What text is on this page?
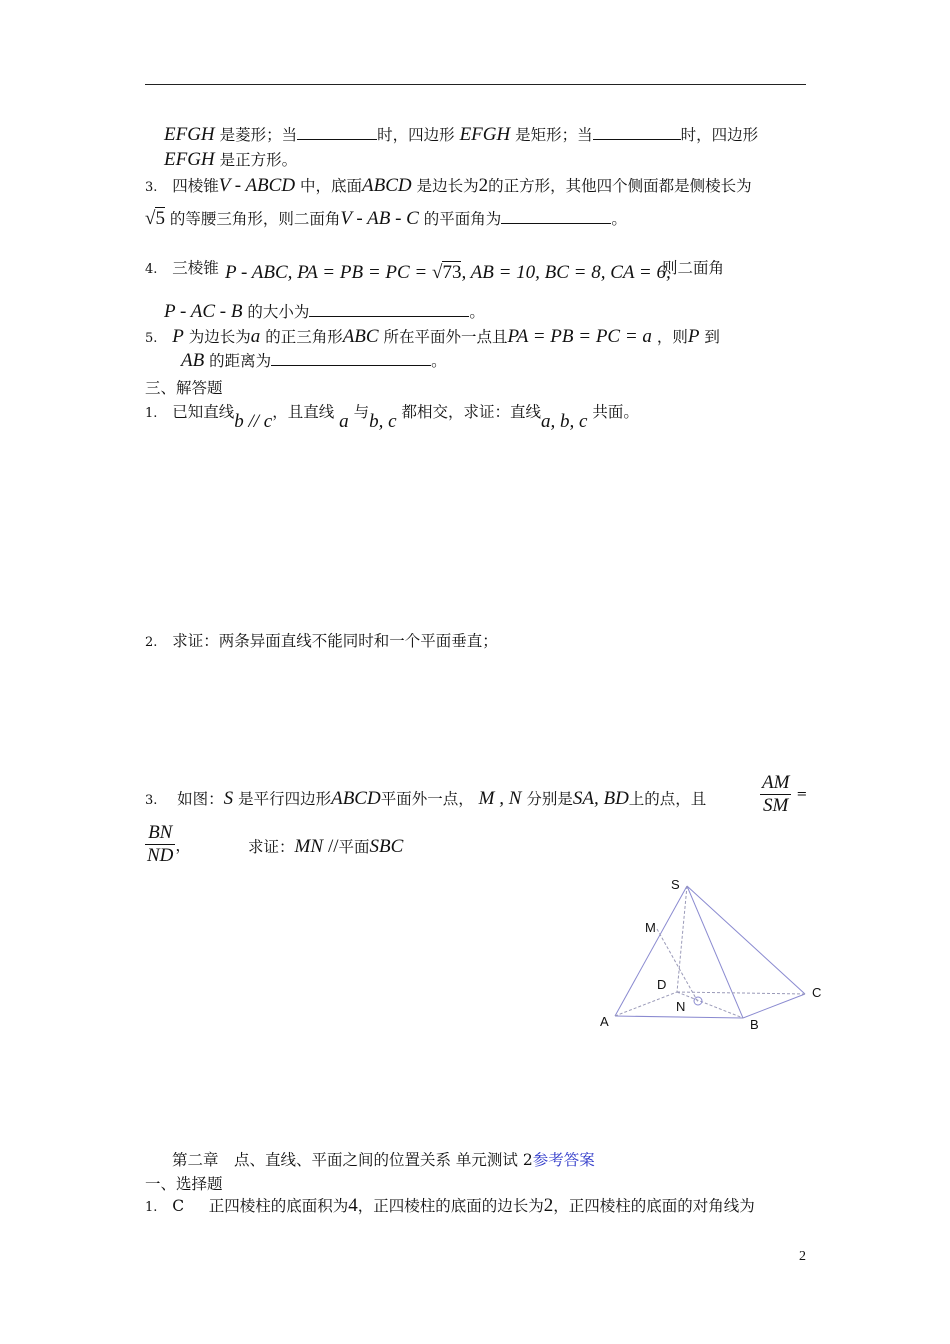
EFGH 是菱形；当	时，四边形 EFGH 是矩形；当	时，四边形
EFGH 是正方形。
3. 四棱锥V - ABCD 中，底面ABCD 是边长为2的正方形，其他四个侧面都是侧棱长为
√5 的等腰三角形，则二面角V - AB - C 的平面角为	。
4. 三棱锥 P - ABC, PA = PB = PC = √73, AB = 10, BC = 8, CA = 6,
则二面角
P - AC - B 的大小为	。
5. P 为边长为a 的正三角形ABC 所在平面外一点且PA = PB = PC = a ，则P 到
AB 的距离为	。
三、解答题
1. 已知直线b // c，且直线 a 与b, c 都相交，求证：直线a, b, c 共面。
2. 求证：两条异面直线不能同时和一个平面垂直；
3. 如图：S 是平行四边形ABCD平面外一点， M , N 分别是SA, BD上的点，且	$\frac{AM}{SM}$ =
$\frac{BN}{ND}$ ，	求证：MN //平面SBC
S
M
D
N
A	B
C
第二章　点、直线、平面之间的位置关系 单元测试 2参考答案
一、选择题
1. C 正四棱柱的底面积为4，正四棱柱的底面的边长为2，正四棱柱的底面的对角线为
2
